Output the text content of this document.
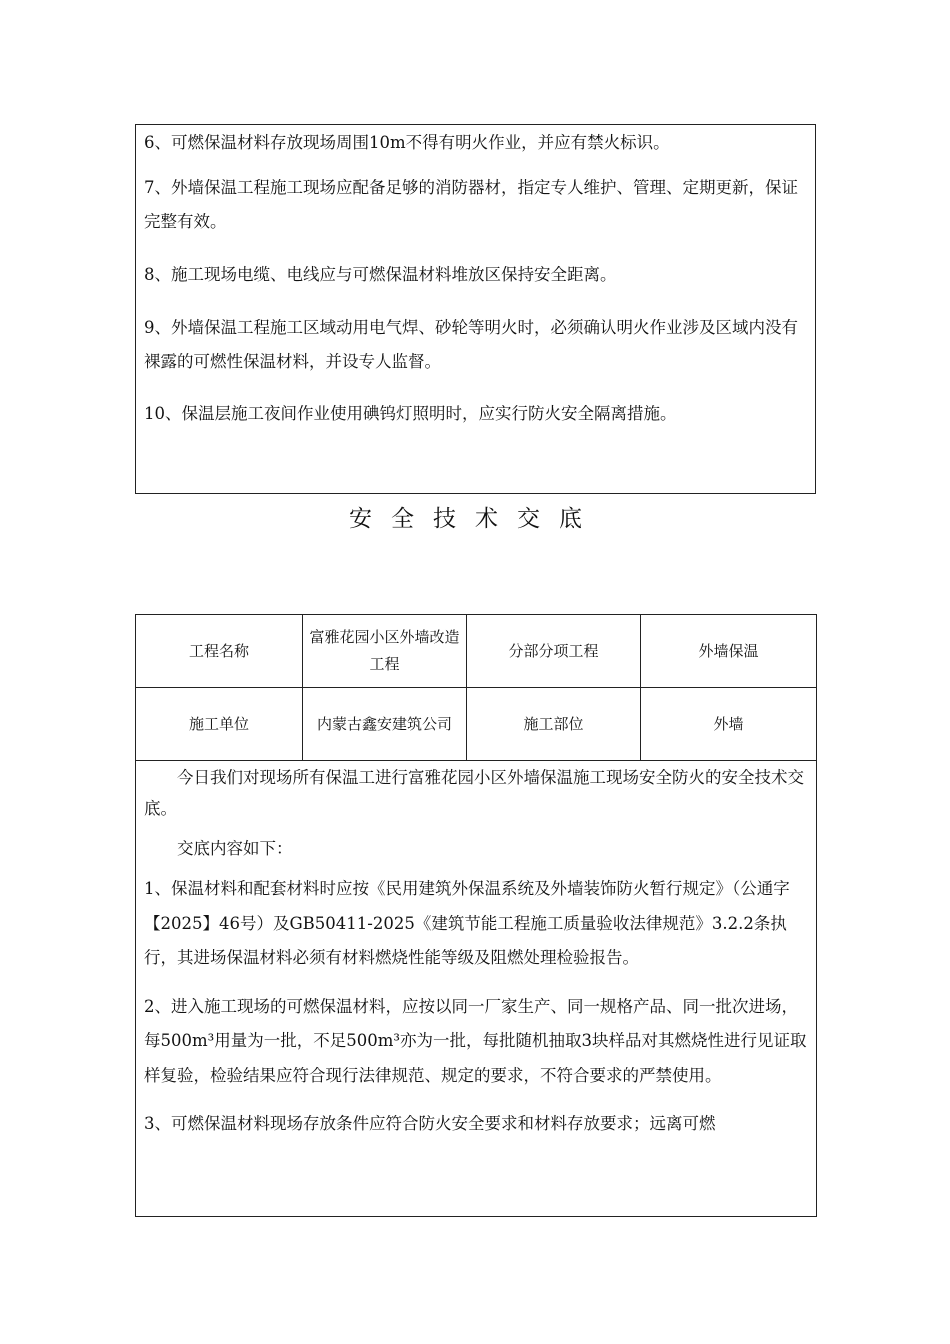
6、可燃保温材料存放现场周围10m不得有明火作业，并应有禁火标识。

7、外墙保温工程施工现场应配备足够的消防器材，指定专人维护、管理、定期更新，保证完整有效。

8、施工现场电缆、电线应与可燃保温材料堆放区保持安全距离。

9、外墙保温工程施工区域动用电气焊、砂轮等明火时，必须确认明火作业涉及区域内没有裸露的可燃性保温材料，并设专人监督。

10、保温层施工夜间作业使用碘钨灯照明时，应实行防火安全隔离措施。

安全技术交底
工程名称	富雅花园小区外墙改造工程	分部分项工程	外墙保温
施工单位	内蒙古鑫安建筑公司	施工部位	外墙

今日我们对现场所有保温工进行富雅花园小区外墙保温施工现场安全防火的安全技术交底。

交底内容如下：

1、保温材料和配套材料时应按《民用建筑外保温系统及外墙装饰防火暂行规定》（公通字【2025】46号）及GB50411-2025《建筑节能工程施工质量验收法律规范》3.2.2条执行，其进场保温材料必须有材料燃烧性能等级及阻燃处理检验报告。

2、进入施工现场的可燃保温材料，应按以同一厂家生产、同一规格产品、同一批次进场，每500m³用量为一批，不足500m³亦为一批，每批随机抽取3块样品对其燃烧性进行见证取样复验，检验结果应符合现行法律规范、规定的要求，不符合要求的严禁使用。

3、可燃保温材料现场存放条件应符合防火安全要求和材料存放要求；远离可燃			
